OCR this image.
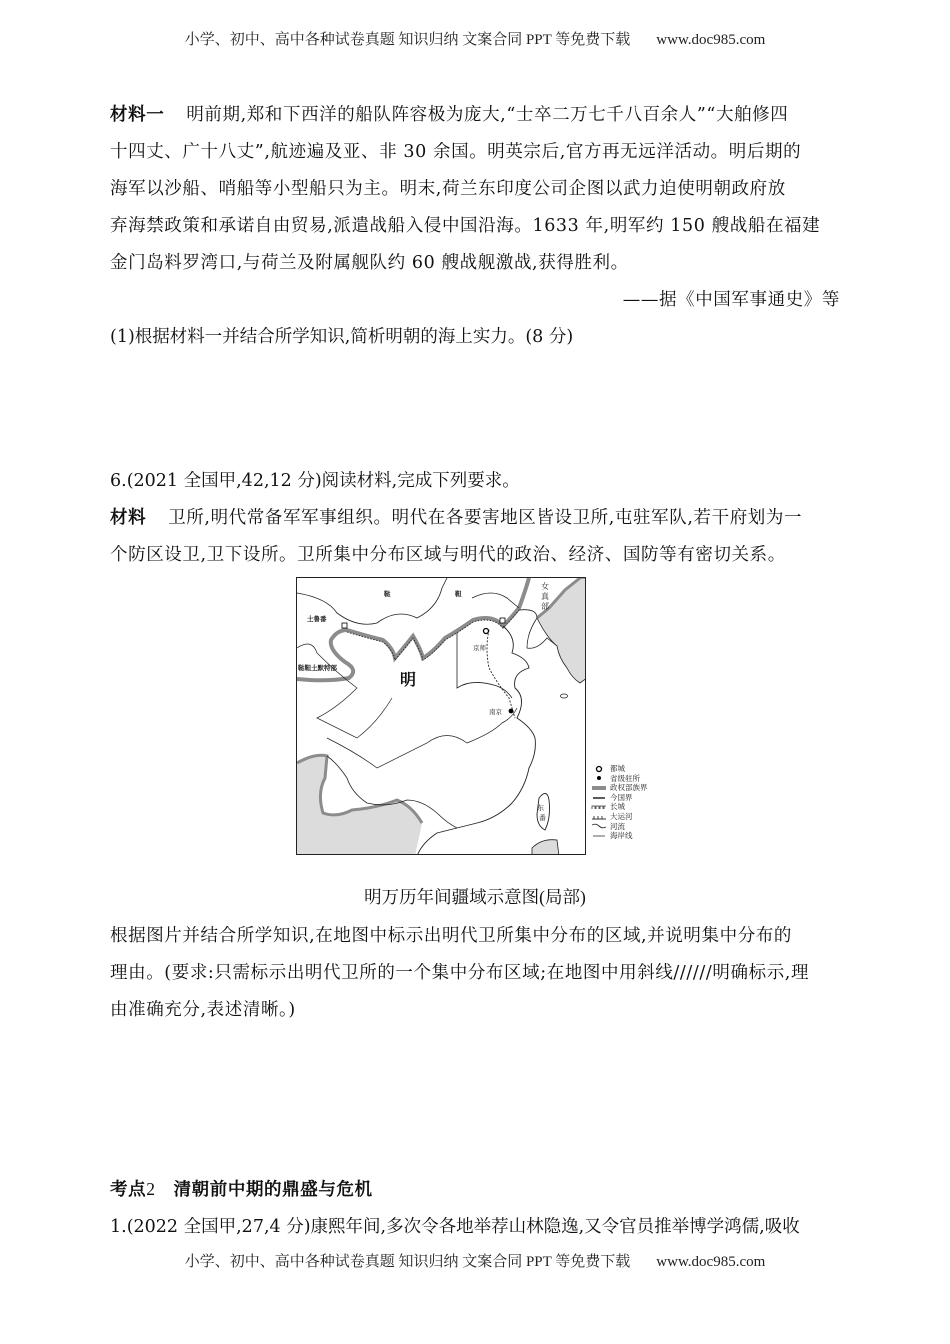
小学、初中、高中各种试卷真题 知识归纳 文案合同 PPT 等免费下载 www.doc985.com
材料一 明前期,郑和下西洋的船队阵容极为庞大,“士卒二万七千八百余人”“大舶修四
十四丈、广十八丈”,航迹遍及亚、非 30 余国。明英宗后,官方再无远洋活动。明后期的
海军以沙船、哨船等小型船只为主。明末,荷兰东印度公司企图以武力迫使明朝政府放
弃海禁政策和承诺自由贸易,派遣战船入侵中国沿海。1633 年,明军约 150 艘战船在福建
金门岛料罗湾口,与荷兰及附属舰队约 60 艘战舰激战,获得胜利。
——据《中国军事通史》等
(1)根据材料一并结合所学知识,简析明朝的海上实力。(8 分)
6.(2021 全国甲,42,12 分)阅读材料,完成下列要求。
材料 卫所,明代常备军军事组织。明代在各要害地区皆设卫所,屯驻军队,若干府划为一
个防区设卫,卫下设所。卫所集中分布区域与明代的政治、经济、国防等有密切关系。
鞑	靼
土鲁番
鞑靼土默特部
明
京师
南京
女
真
部
东
番
都城
省级驻所
政权部族界
今国界
长城
大运河
河流
海岸线
明万历年间疆域示意图(局部)
根据图片并结合所学知识,在地图中标示出明代卫所集中分布的区域,并说明集中分布的
理由。(要求:只需标示出明代卫所的一个集中分布区域;在地图中用斜线//////明确标示,理
由准确充分,表述清晰。)
考点2 清朝前中期的鼎盛与危机
1.(2022 全国甲,27,4 分)康熙年间,多次令各地举荐山林隐逸,又令官员推举博学鸿儒,吸收
小学、初中、高中各种试卷真题 知识归纳 文案合同 PPT 等免费下载 www.doc985.com
